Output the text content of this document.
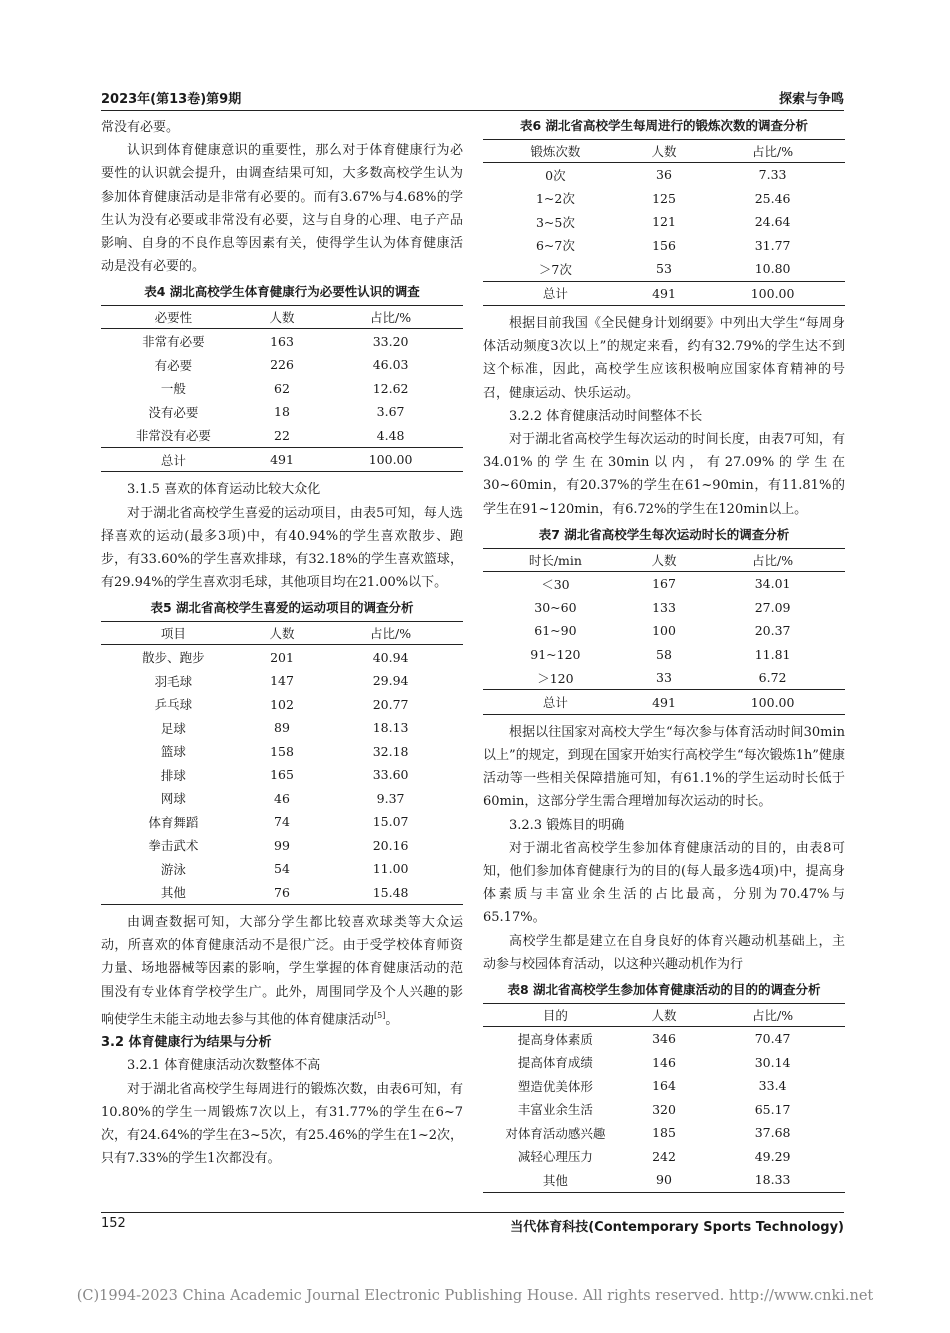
2023年(第13卷)第9期	探索与争鸣

常没有必要。

认识到体育健康意识的重要性，那么对于体育健康行为必要性的认识就会提升，由调查结果可知，大多数高校学生认为参加体育健康活动是非常有必要的。而有3.67%与4.68%的学生认为没有必要或非常没有必要，这与自身的心理、电子产品影响、自身的不良作息等因素有关，使得学生认为体育健康活动是没有必要的。

表4 湖北高校学生体育健康行为必要性认识的调查
必要性	人数	占比/%
非常有必要	163	33.20
有必要	226	46.03
一般	62	12.62
没有必要	18	3.67
非常没有必要	22	4.48
总计	491	100.00
3.1.5 喜欢的体育运动比较大众化

对于湖北省高校学生喜爱的运动项目，由表5可知，每人选择喜欢的运动(最多3项)中，有40.94%的学生喜欢散步、跑步，有33.60%的学生喜欢排球，有32.18%的学生喜欢篮球，有29.94%的学生喜欢羽毛球，其他项目均在21.00%以下。

表5 湖北省高校学生喜爱的运动项目的调查分析
项目	人数	占比/%
散步、跑步	201	40.94
羽毛球	147	29.94
乒乓球	102	20.77
足球	89	18.13
篮球	158	32.18
排球	165	33.60
网球	46	9.37
体育舞蹈	74	15.07
拳击武术	99	20.16
游泳	54	11.00
其他	76	15.48

由调查数据可知，大部分学生都比较喜欢球类等大众运动，所喜欢的体育健康活动不是很广泛。由于受学校体育师资力量、场地器械等因素的影响，学生掌握的体育健康活动的范围没有专业体育学校学生广。此外，周围同学及个人兴趣的影响使学生未能主动地去参与其他的体育健康活动[5]。

3.2 体育健康行为结果与分析
3.2.1 体育健康活动次数整体不高

对于湖北省高校学生每周进行的锻炼次数，由表6可知，有10.80%的学生一周锻炼7次以上，有31.77%的学生在6~7次，有24.64%的学生在3~5次，有25.46%的学生在1~2次，只有7.33%的学生1次都没有。

表6 湖北省高校学生每周进行的锻炼次数的调查分析
锻炼次数	人数	占比/%
0次	36	7.33
1~2次	125	25.46
3~5次	121	24.64
6~7次	156	31.77
＞7次	53	10.80
总计	491	100.00

根据目前我国《全民健身计划纲要》中列出大学生“每周身体活动频度3次以上”的规定来看，约有32.79%的学生达不到这个标准，因此，高校学生应该积极响应国家体育精神的号召，健康运动、快乐运动。

3.2.2 体育健康活动时间整体不长

对于湖北省高校学生每次运动的时间长度，由表7可知，有34.01%的学生在30min以内，有27.09%的学生在30~60min，有20.37%的学生在61~90min，有11.81%的学生在91~120min，有6.72%的学生在120min以上。

表7 湖北省高校学生每次运动时长的调查分析
时长/min	人数	占比/%
＜30	167	34.01
30~60	133	27.09
61~90	100	20.37
91~120	58	11.81
＞120	33	6.72
总计	491	100.00

根据以往国家对高校大学生“每次参与体育活动时间30min以上”的规定，到现在国家开始实行高校学生“每次锻炼1h”健康活动等一些相关保障措施可知，有61.1%的学生运动时长低于60min，这部分学生需合理增加每次运动的时长。

3.2.3 锻炼目的明确

对于湖北省高校学生参加体育健康活动的目的，由表8可知，他们参加体育健康行为的目的(每人最多选4项)中，提高身体素质与丰富业余生活的占比最高，分别为70.47%与65.17%。

高校学生都是建立在自身良好的体育兴趣动机基础上，主动参与校园体育活动，以这种兴趣动机作为行

表8 湖北省高校学生参加体育健康活动的目的的调查分析
目的	人数	占比/%
提高身体素质	346	70.47
提高体育成绩	146	30.14
塑造优美体形	164	33.4
丰富业余生活	320	65.17
对体育活动感兴趣	185	37.68
减轻心理压力	242	49.29
其他	90	18.33
152	当代体育科技(Contemporary Sports Technology)
(C)1994-2023 China Academic Journal Electronic Publishing House. All rights reserved. http://www.cnki.net
